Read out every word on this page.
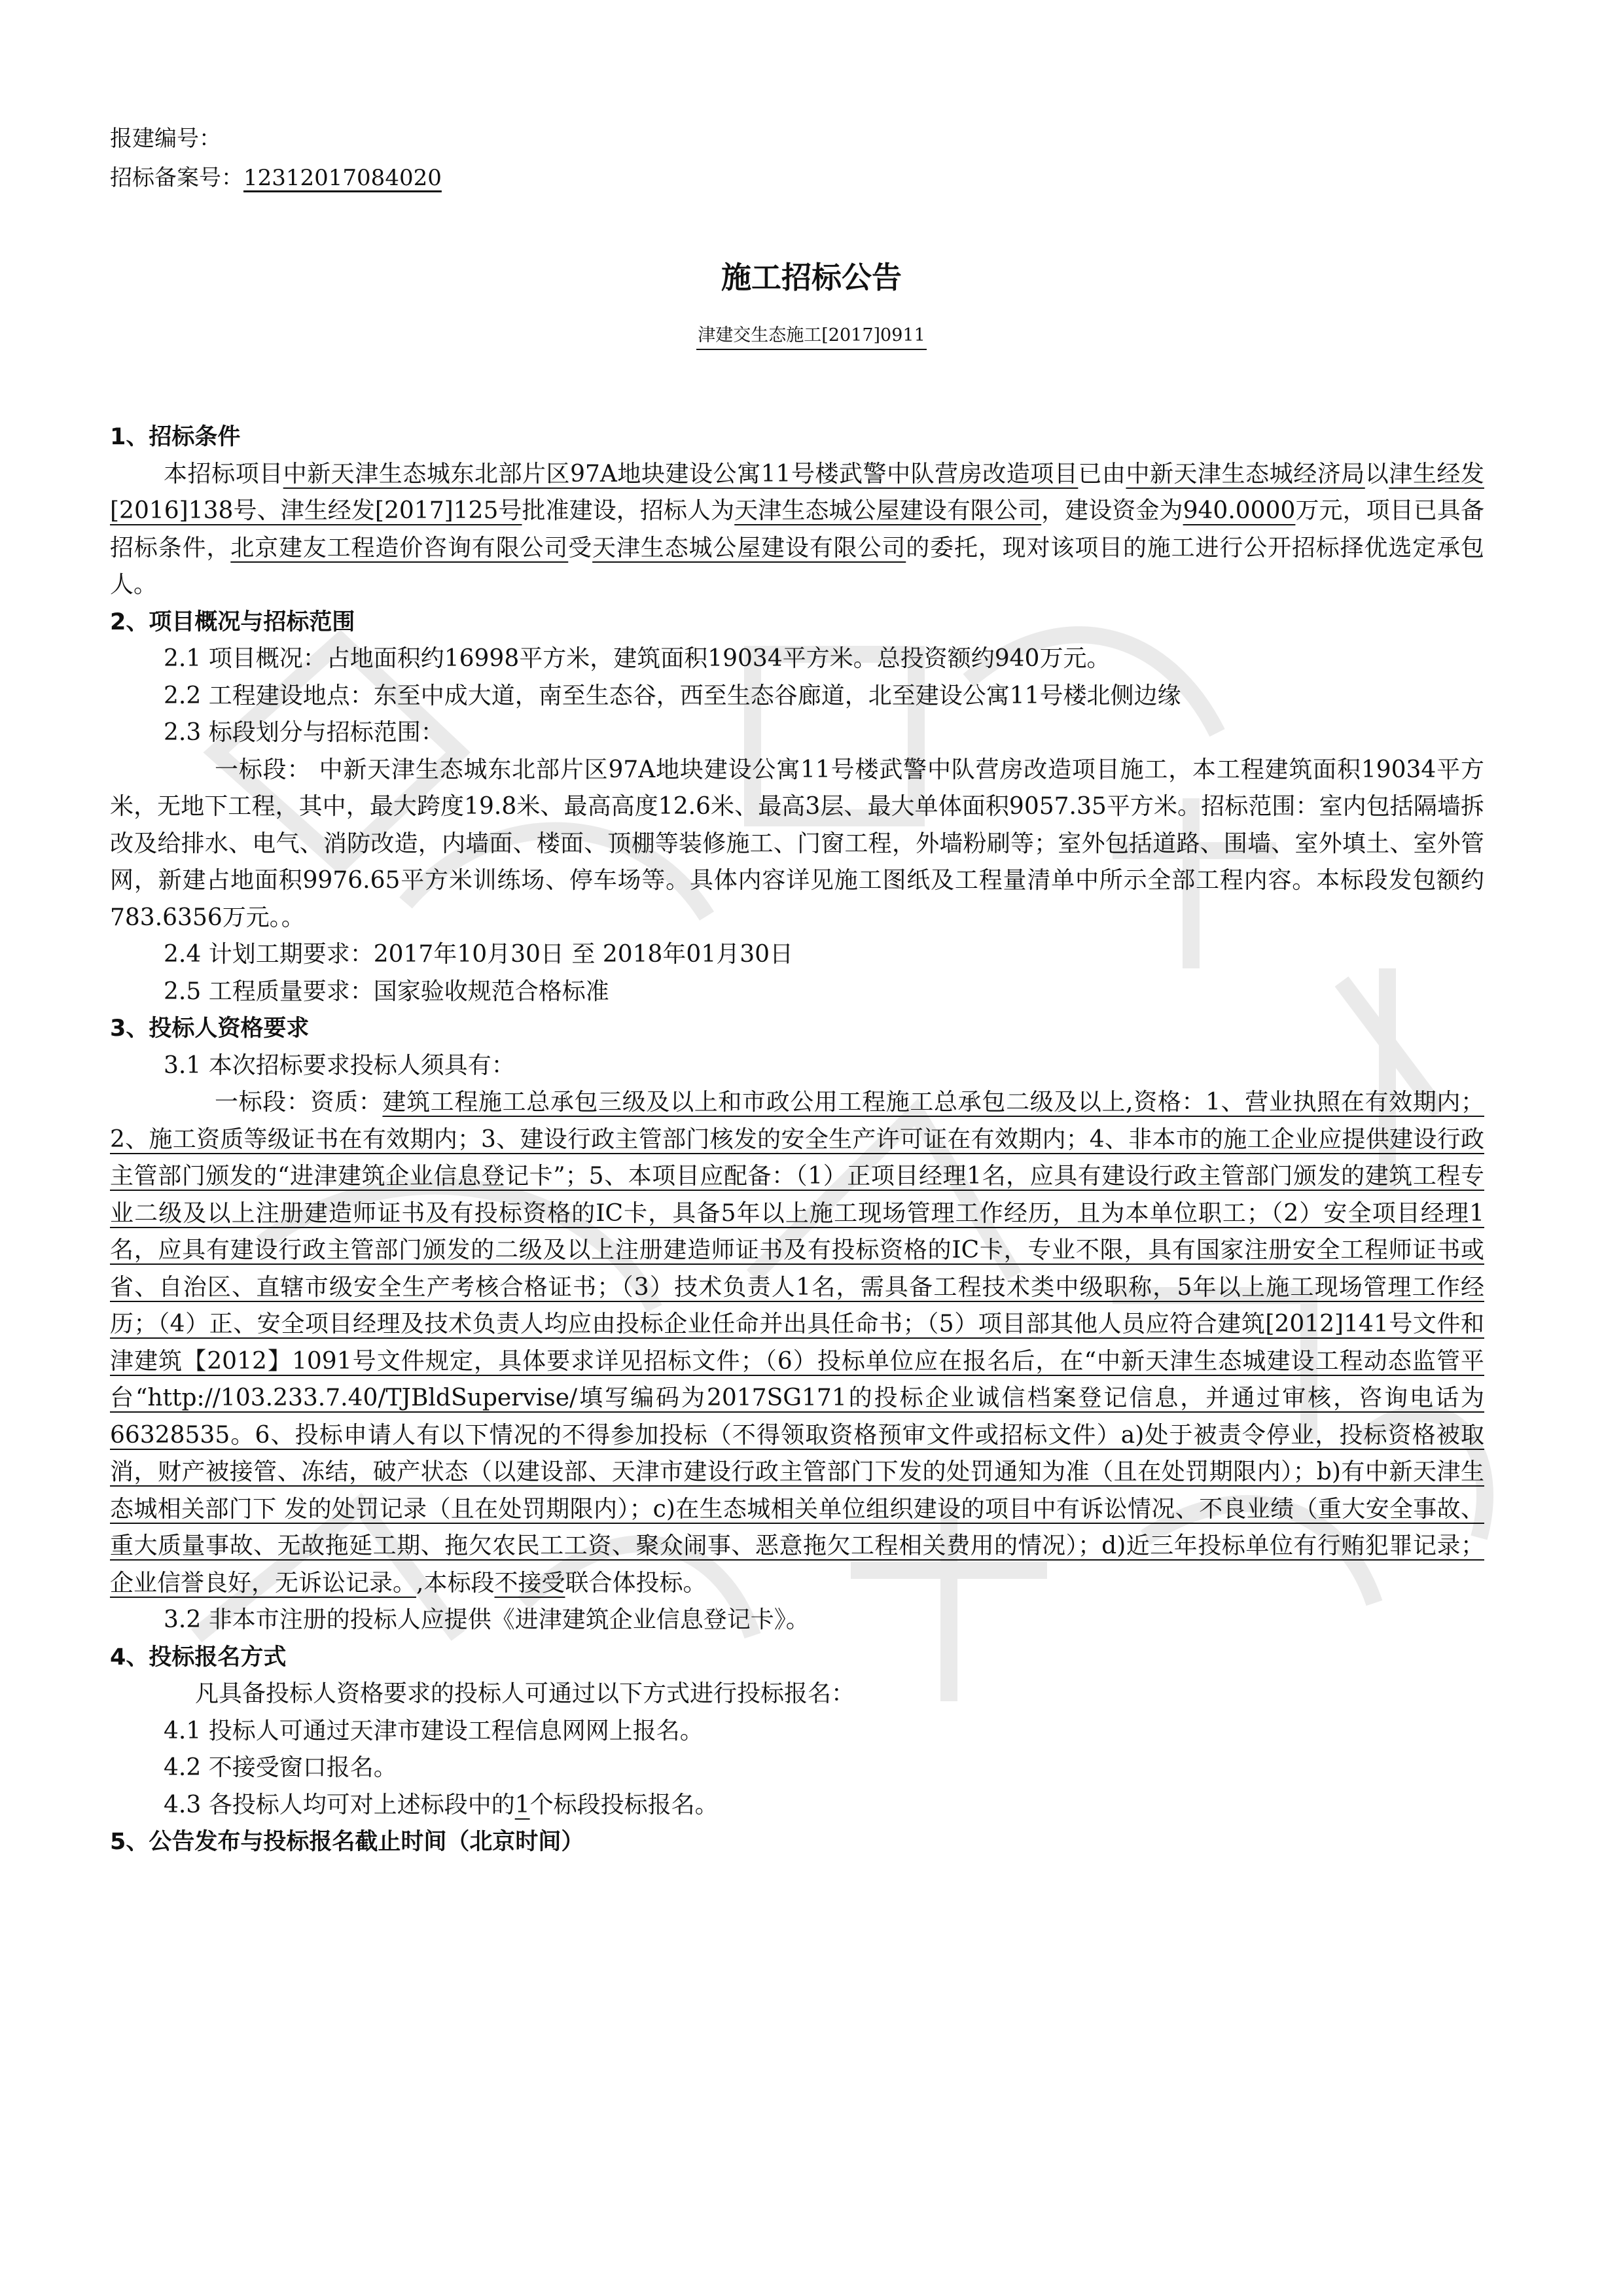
报建编号：
招标备案号：12312017084020
施工招标公告
津建交生态施工[2017]0911

1、招标条件

本招标项目中新天津生态城东北部片区97A地块建设公寓11号楼武警中队营房改造项目已由中新天津生态城经济局以津生经发[2016]138号、津生经发[2017]125号批准建设，招标人为天津生态城公屋建设有限公司，建设资金为940.0000万元，项目已具备招标条件，北京建友工程造价咨询有限公司受天津生态城公屋建设有限公司的委托，现对该项目的施工进行公开招标择优选定承包人。

2、项目概况与招标范围

2.1 项目概况：占地面积约16998平方米，建筑面积19034平方米。总投资额约940万元。

2.2 工程建设地点：东至中成大道，南至生态谷，西至生态谷廊道，北至建设公寓11号楼北侧边缘

2.3 标段划分与招标范围：

一标段： 中新天津生态城东北部片区97A地块建设公寓11号楼武警中队营房改造项目施工，本工程建筑面积19034平方米，无地下工程，其中，最大跨度19.8米、最高高度12.6米、最高3层、最大单体面积9057.35平方米。招标范围：室内包括隔墙拆改及给排水、电气、消防改造，内墙面、楼面、顶棚等装修施工、门窗工程，外墙粉刷等；室外包括道路、围墙、室外填土、室外管网，新建占地面积9976.65平方米训练场、停车场等。具体内容详见施工图纸及工程量清单中所示全部工程内容。本标段发包额约783.6356万元。。

2.4 计划工期要求：2017年10月30日 至 2018年01月30日

2.5 工程质量要求：国家验收规范合格标准

3、投标人资格要求

3.1 本次招标要求投标人须具有：

一标段：资质：建筑工程施工总承包三级及以上和市政公用工程施工总承包二级及以上,资格：1、营业执照在有效期内；2、施工资质等级证书在有效期内；3、建设行政主管部门核发的安全生产许可证在有效期内；4、非本市的施工企业应提供建设行政主管部门颁发的“进津建筑企业信息登记卡”；5、本项目应配备：（1）正项目经理1名，应具有建设行政主管部门颁发的建筑工程专业二级及以上注册建造师证书及有投标资格的IC卡，具备5年以上施工现场管理工作经历，且为本单位职工；（2）安全项目经理1名，应具有建设行政主管部门颁发的二级及以上注册建造师证书及有投标资格的IC卡，专业不限，具有国家注册安全工程师证书或省、自治区、直辖市级安全生产考核合格证书；（3）技术负责人1名，需具备工程技术类中级职称，5年以上施工现场管理工作经历；（4）正、安全项目经理及技术负责人均应由投标企业任命并出具任命书；（5）项目部其他人员应符合建筑[2012]141号文件和津建筑【2012】1091号文件规定，具体要求详见招标文件；（6）投标单位应在报名后，在“中新天津生态城建设工程动态监管平台“http://103.233.7.40/TJBldSupervise/填写编码为2017SG171的投标企业诚信档案登记信息，并通过审核，咨询电话为66328535。6、投标申请人有以下情况的不得参加投标（不得领取资格预审文件或招标文件）a)处于被责令停业，投标资格被取消，财产被接管、冻结，破产状态（以建设部、天津市建设行政主管部门下发的处罚通知为准（且在处罚期限内）；b)有中新天津生态城相关部门下 发的处罚记录（且在处罚期限内）；c)在生态城相关单位组织建设的项目中有诉讼情况、不良业绩（重大安全事故、重大质量事故、无故拖延工期、拖欠农民工工资、聚众闹事、恶意拖欠工程相关费用的情况）；d)近三年投标单位有行贿犯罪记录； 企业信誉良好，无诉讼记录。,本标段不接受联合体投标。

3.2 非本市注册的投标人应提供《进津建筑企业信息登记卡》。

4、投标报名方式

凡具备投标人资格要求的投标人可通过以下方式进行投标报名：

4.1 投标人可通过天津市建设工程信息网网上报名。

4.2 不接受窗口报名。

4.3 各投标人均可对上述标段中的1个标段投标报名。

5、公告发布与投标报名截止时间（北京时间）
